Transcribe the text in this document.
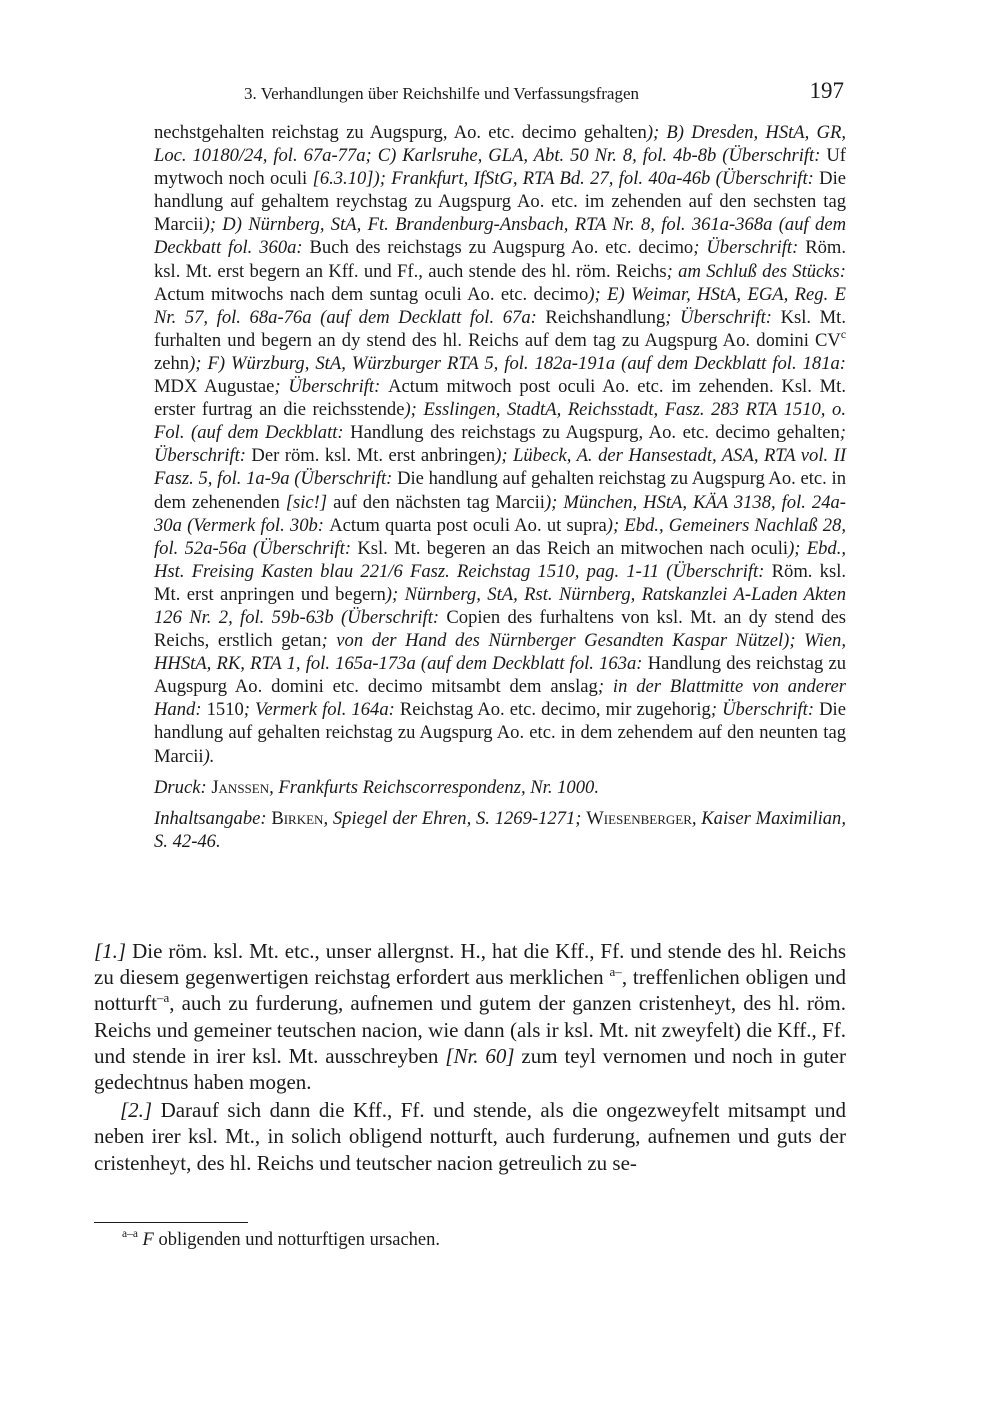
3. Verhandlungen über Reichshilfe und Verfassungsfragen	197

nechstgehalten reichstag zu Augspurg, Ao. etc. decimo gehalten); B) Dresden, HStA, GR, Loc. 10180/24, fol. 67a-77a; C) Karlsruhe, GLA, Abt. 50 Nr. 8, fol. 4b-8b (Überschrift: Uf mytwoch noch oculi [6.3.10]); Frankfurt, IfStG, RTA Bd. 27, fol. 40a-46b (Überschrift: Die handlung auf gehaltem reychstag zu Augspurg Ao. etc. im zehenden auf den sechsten tag Marcii); D) Nürnberg, StA, Ft. Brandenburg-Ansbach, RTA Nr. 8, fol. 361a-368a (auf dem Deckbatt fol. 360a: Buch des reichstags zu Augspurg Ao. etc. decimo; Überschrift: Röm. ksl. Mt. erst begern an Kff. und Ff., auch stende des hl. röm. Reichs; am Schluß des Stücks: Actum mitwochs nach dem suntag oculi Ao. etc. decimo); E) Weimar, HStA, EGA, Reg. E Nr. 57, fol. 68a-76a (auf dem Decklatt fol. 67a: Reichshandlung; Überschrift: Ksl. Mt. furhalten und begern an dy stend des hl. Reichs auf dem tag zu Augspurg Ao. domini $CV^c$ zehn); F) Würzburg, StA, Würzburger RTA 5, fol. 182a-191a (auf dem Deckblatt fol. 181a: MDX Augustae; Überschrift: Actum mitwoch post oculi Ao. etc. im zehenden. Ksl. Mt. erster furtrag an die reichsstende); Esslingen, StadtA, Reichsstadt, Fasz. 283 RTA 1510, o. Fol. (auf dem Deckblatt: Handlung des reichstags zu Augspurg, Ao. etc. decimo gehalten; Überschrift: Der röm. ksl. Mt. erst anbringen); Lübeck, A. der Hansestadt, ASA, RTA vol. II Fasz. 5, fol. 1a-9a (Überschrift: Die handlung auf gehalten reichstag zu Augspurg Ao. etc. in dem zehenenden [sic!] auf den nächsten tag Marcii); München, HStA, KÄA 3138, fol. 24a-30a (Vermerk fol. 30b: Actum quarta post oculi Ao. ut supra); Ebd., Gemeiners Nachlaß 28, fol. 52a-56a (Überschrift: Ksl. Mt. begeren an das Reich an mitwochen nach oculi); Ebd., Hst. Freising Kasten blau 221/6 Fasz. Reichstag 1510, pag. 1-11 (Überschrift: Röm. ksl. Mt. erst anpringen und begern); Nürnberg, StA, Rst. Nürnberg, Ratskanzlei A-Laden Akten 126 Nr. 2, fol. 59b-63b (Überschrift: Copien des furhaltens von ksl. Mt. an dy stend des Reichs, erstlich getan; von der Hand des Nürnberger Gesandten Kaspar Nützel); Wien, HHStA, RK, RTA 1, fol. 165a-173a (auf dem Deckblatt fol. 163a: Handlung des reichstag zu Augspurg Ao. domini etc. decimo mitsambt dem anslag; in der Blattmitte von anderer Hand: 1510; Vermerk fol. 164a: Reichstag Ao. etc. decimo, mir zugehorig; Überschrift: Die handlung auf gehalten reichstag zu Augspurg Ao. etc. in dem zehendem auf den neunten tag Marcii).

Druck: Janssen, Frankfurts Reichscorrespondenz, Nr. 1000.

Inhaltsangabe: Birken, Spiegel der Ehren, S. 1269-1271; Wiesenberger, Kaiser Maximilian, S. 42-46.

[1.] Die röm. ksl. Mt. etc., unser allergnst. H., hat die Kff., Ff. und stende des hl. Reichs zu diesem gegenwertigen reichstag erfordert aus merklichen $^{a-}$, treffenlichen obligen und notturft$^{-a}$, auch zu furderung, aufnemen und gutem der ganzen cristenheyt, des hl. röm. Reichs und gemeiner teutschen nacion, wie dann (als ir ksl. Mt. nit zweyfelt) die Kff., Ff. und stende in irer ksl. Mt. ausschreyben [Nr. 60] zum teyl vernomen und noch in guter gedechtnus haben mogen.

[2.] Darauf sich dann die Kff., Ff. und stende, als die ongezweyfelt mitsampt und neben irer ksl. Mt., in solich obligend notturft, auch furderung, aufnemen und guts der cristenheyt, des hl. Reichs und teutscher nacion getreulich zu se-

$^{a-a}$ F obligenden und notturftigen ursachen.
